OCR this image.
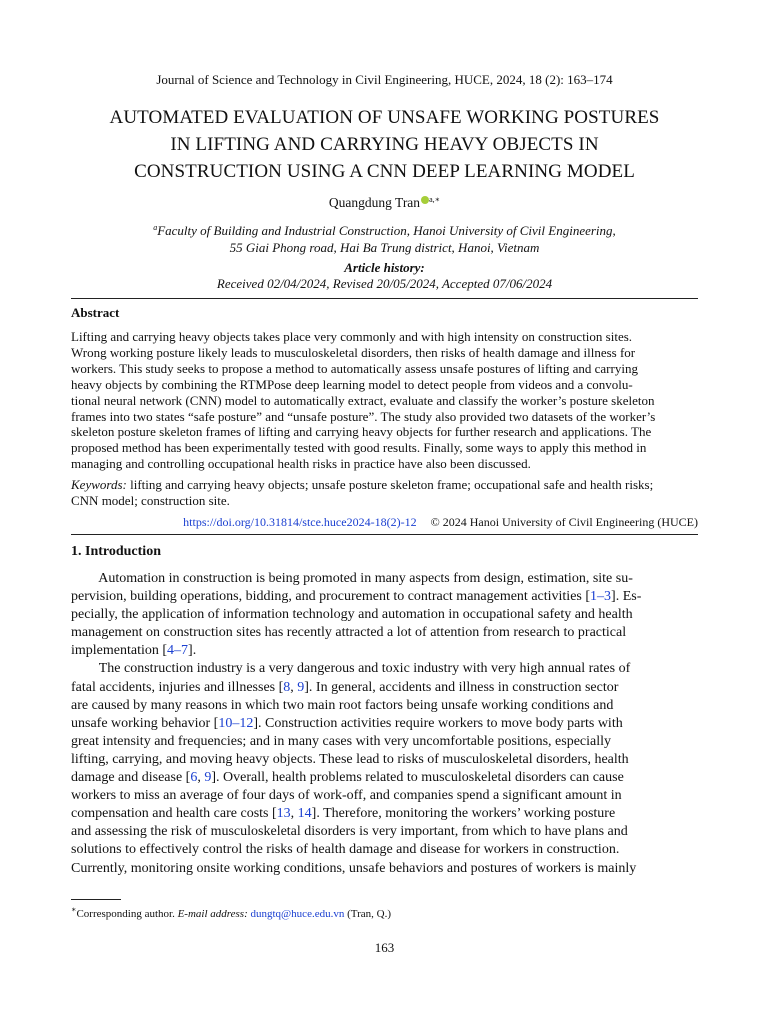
Journal of Science and Technology in Civil Engineering, HUCE, 2024, 18 (2): 163–174
AUTOMATED EVALUATION OF UNSAFE WORKING POSTURES
IN LIFTING AND CARRYING HEAVY OBJECTS IN
CONSTRUCTION USING A CNN DEEP LEARNING MODEL
Quangdung Tran $^{a,∗}$
$^a$Faculty of Building and Industrial Construction, Hanoi University of Civil Engineering,
55 Giai Phong road, Hai Ba Trung district, Hanoi, Vietnam
Article history:
Received 02/04/2024, Revised 20/05/2024, Accepted 07/06/2024
Abstract
Lifting and carrying heavy objects takes place very commonly and with high intensity on construction sites.
Wrong working posture likely leads to musculoskeletal disorders, then risks of health damage and illness for
workers. This study seeks to propose a method to automatically assess unsafe postures of lifting and carrying
heavy objects by combining the RTMPose deep learning model to detect people from videos and a convolu-
tional neural network (CNN) model to automatically extract, evaluate and classify the worker’s posture skeleton
frames into two states “safe posture” and “unsafe posture”. The study also provided two datasets of the worker’s
skeleton posture skeleton frames of lifting and carrying heavy objects for further research and applications. The
proposed method has been experimentally tested with good results. Finally, some ways to apply this method in
managing and controlling occupational health risks in practice have also been discussed.
Keywords: lifting and carrying heavy objects; unsafe posture skeleton frame; occupational safe and health risks;
CNN model; construction site.
https://doi.org/10.31814/stce.huce2024-18(2)-12 © 2024 Hanoi University of Civil Engineering (HUCE)
1. Introduction
Automation in construction is being promoted in many aspects from design, estimation, site su-
pervision, building operations, bidding, and procurement to contract management activities [1–3]. Es-
pecially, the application of information technology and automation in occupational safety and health
management on construction sites has recently attracted a lot of attention from research to practical
implementation [4–7].
The construction industry is a very dangerous and toxic industry with very high annual rates of
fatal accidents, injuries and illnesses [8, 9]. In general, accidents and illness in construction sector
are caused by many reasons in which two main root factors being unsafe working conditions and
unsafe working behavior [10–12]. Construction activities require workers to move body parts with
great intensity and frequencies; and in many cases with very uncomfortable positions, especially
lifting, carrying, and moving heavy objects. These lead to risks of musculoskeletal disorders, health
damage and disease [6, 9]. Overall, health problems related to musculoskeletal disorders can cause
workers to miss an average of four days of work-off, and companies spend a significant amount in
compensation and health care costs [13, 14]. Therefore, monitoring the workers’ working posture
and assessing the risk of musculoskeletal disorders is very important, from which to have plans and
solutions to effectively control the risks of health damage and disease for workers in construction.
Currently, monitoring onsite working conditions, unsafe behaviors and postures of workers is mainly
∗Corresponding author. E-mail address: dungtq@huce.edu.vn (Tran, Q.)
163
